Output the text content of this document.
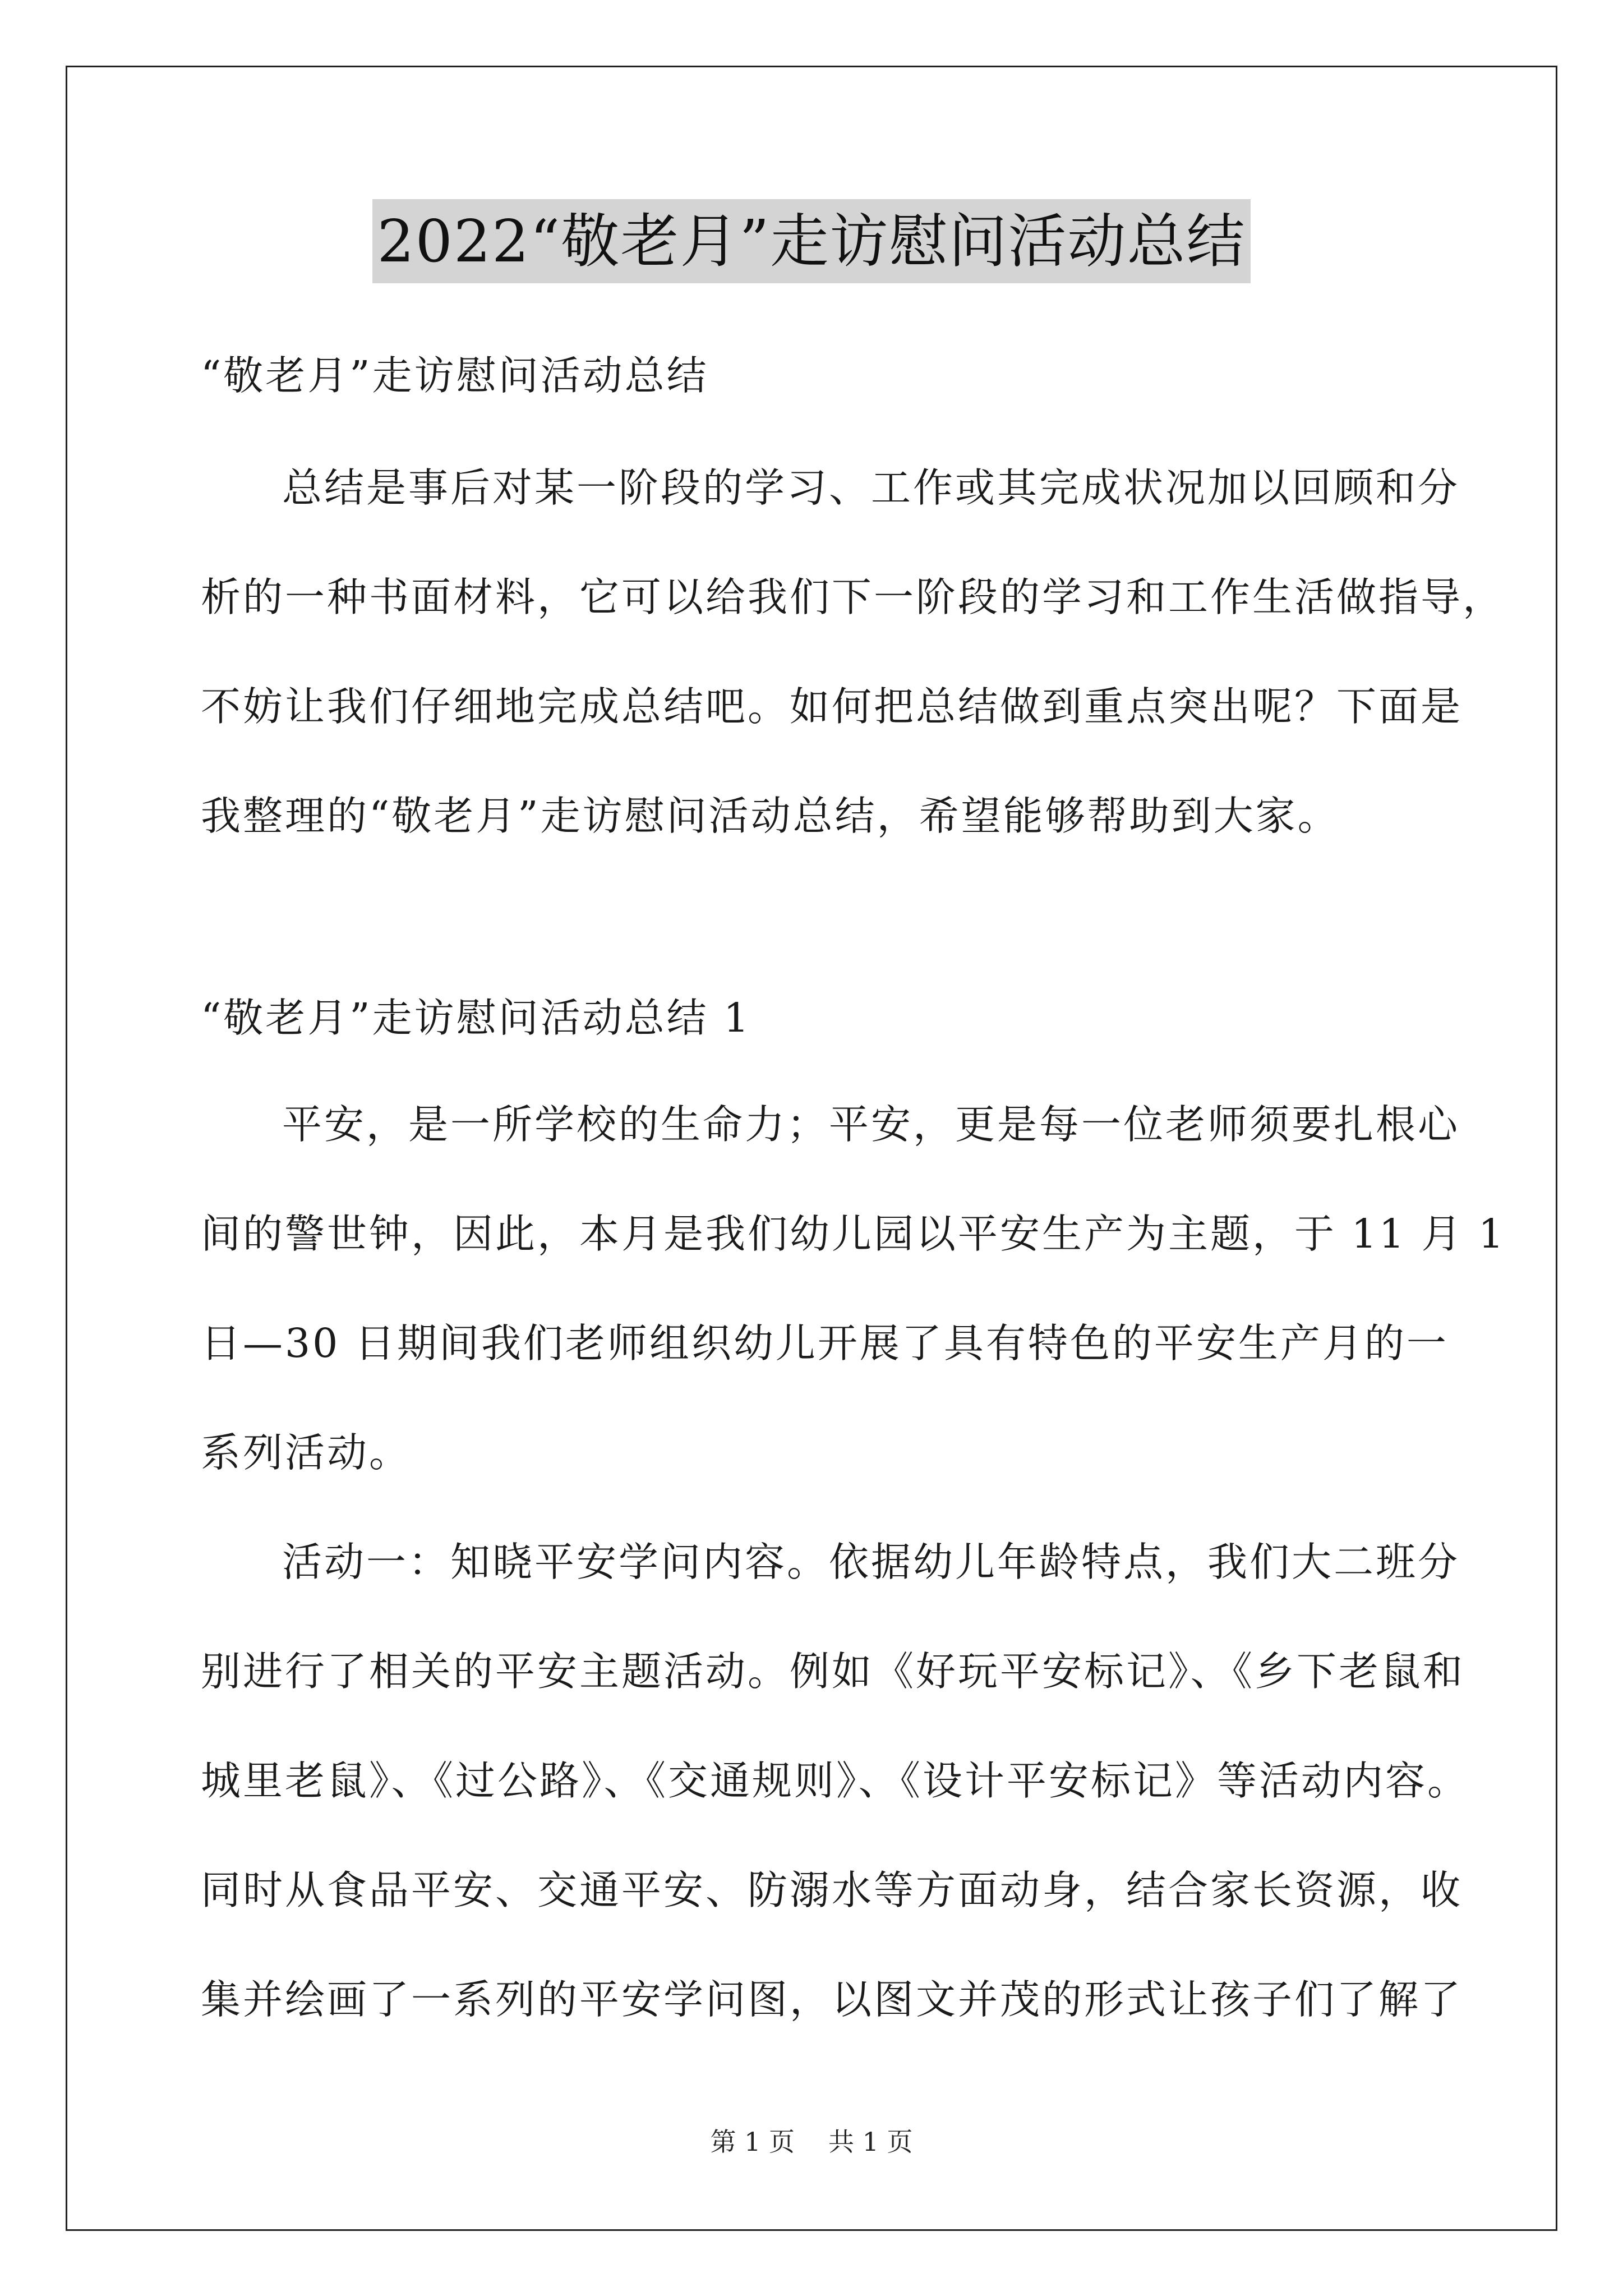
2022“敬老月”走访慰问活动总结
“敬老月”走访慰问活动总结
总结是事后对某一阶段的学习、工作或其完成状况加以回顾和分
析的一种书面材料，它可以给我们下一阶段的学习和工作生活做指导，
不妨让我们仔细地完成总结吧。如何把总结做到重点突出呢？下面是
我整理的“敬老月”走访慰问活动总结，希望能够帮助到大家。
“敬老月”走访慰问活动总结 1
平安，是一所学校的生命力；平安，更是每一位老师须要扎根心
间的警世钟，因此，本月是我们幼儿园以平安生产为主题，于 11 月 1
日—30 日期间我们老师组织幼儿开展了具有特色的平安生产月的一
系列活动。
活动一：知晓平安学问内容。依据幼儿年龄特点，我们大二班分
别进行了相关的平安主题活动。例如《好玩平安标记》、《乡下老鼠和
城里老鼠》、《过公路》、《交通规则》、《设计平安标记》等活动内容。
同时从食品平安、交通平安、防溺水等方面动身，结合家长资源，收
集并绘画了一系列的平安学问图，以图文并茂的形式让孩子们了解了
第 1 页 共 1 页
